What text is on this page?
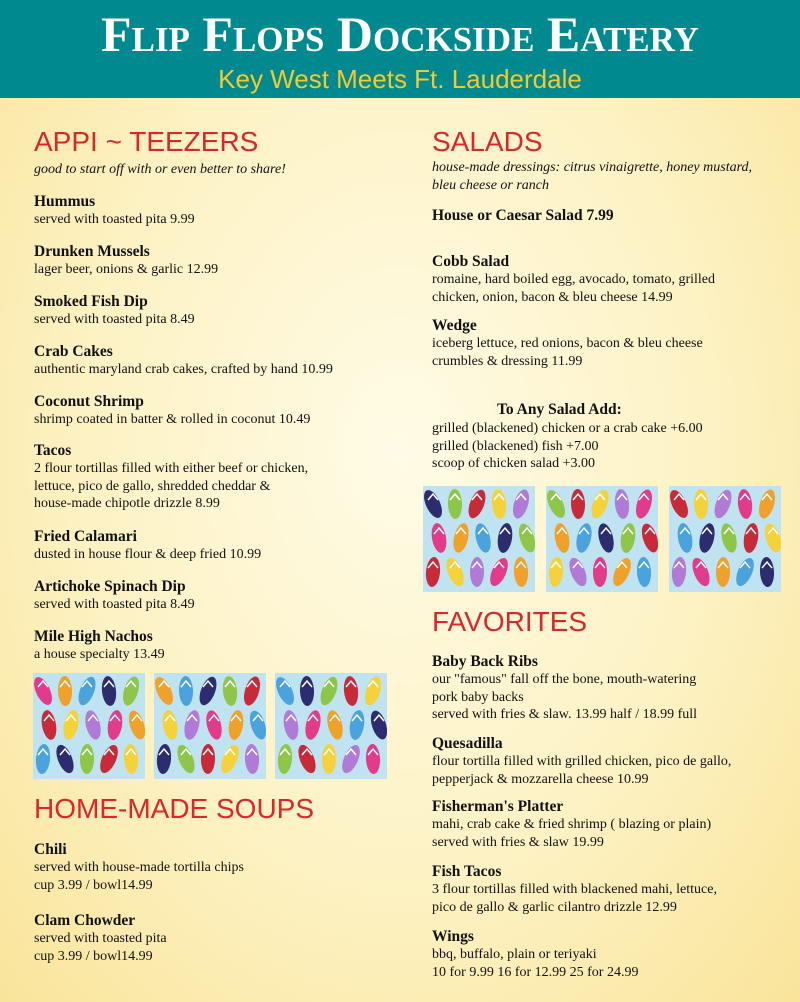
Flip Flops Dockside Eatery
Key West Meets Ft. Lauderdale
APPI ~ TEEZERS
good to start off with or even better to share!
Hummus
served with toasted pita 9.99
Drunken Mussels
lager beer, onions & garlic 12.99
Smoked Fish Dip
served with toasted pita 8.49
Crab Cakes
authentic maryland crab cakes, crafted by hand 10.99
Coconut Shrimp
shrimp coated in batter & rolled in coconut 10.49
Tacos
2 flour tortillas filled with either beef or chicken,
lettuce, pico de gallo, shredded cheddar &
house-made chipotle drizzle 8.99
Fried Calamari
dusted in house flour & deep fried 10.99
Artichoke Spinach Dip
served with toasted pita 8.49
Mile High Nachos
a house specialty 13.49
HOME-MADE SOUPS
Chili
served with house-made tortilla chips
cup 3.99 / bowl14.99
Clam Chowder
served with toasted pita
cup 3.99 / bowl14.99
SALADS
house-made dressings: citrus vinaigrette, honey mustard,
bleu cheese or ranch
House or Caesar Salad 7.99
Cobb Salad
romaine, hard boiled egg, avocado, tomato, grilled
chicken, onion, bacon & bleu cheese 14.99
Wedge
iceberg lettuce, red onions, bacon & bleu cheese
crumbles & dressing 11.99
To Any Salad Add:
grilled (blackened) chicken or a crab cake +6.00
grilled (blackened) fish +7.00
scoop of chicken salad +3.00
FAVORITES
Baby Back Ribs
our "famous" fall off the bone, mouth-watering
pork baby backs
served with fries & slaw. 13.99 half / 18.99 full
Quesadilla
flour tortilla filled with grilled chicken, pico de gallo,
pepperjack & mozzarella cheese 10.99
Fisherman's Platter
mahi, crab cake & fried shrimp ( blazing or plain)
served with fries & slaw 19.99
Fish Tacos
3 flour tortillas filled with blackened mahi, lettuce,
pico de gallo & garlic cilantro drizzle 12.99
Wings
bbq, buffalo, plain or teriyaki
10 for 9.99 16 for 12.99 25 for 24.99
